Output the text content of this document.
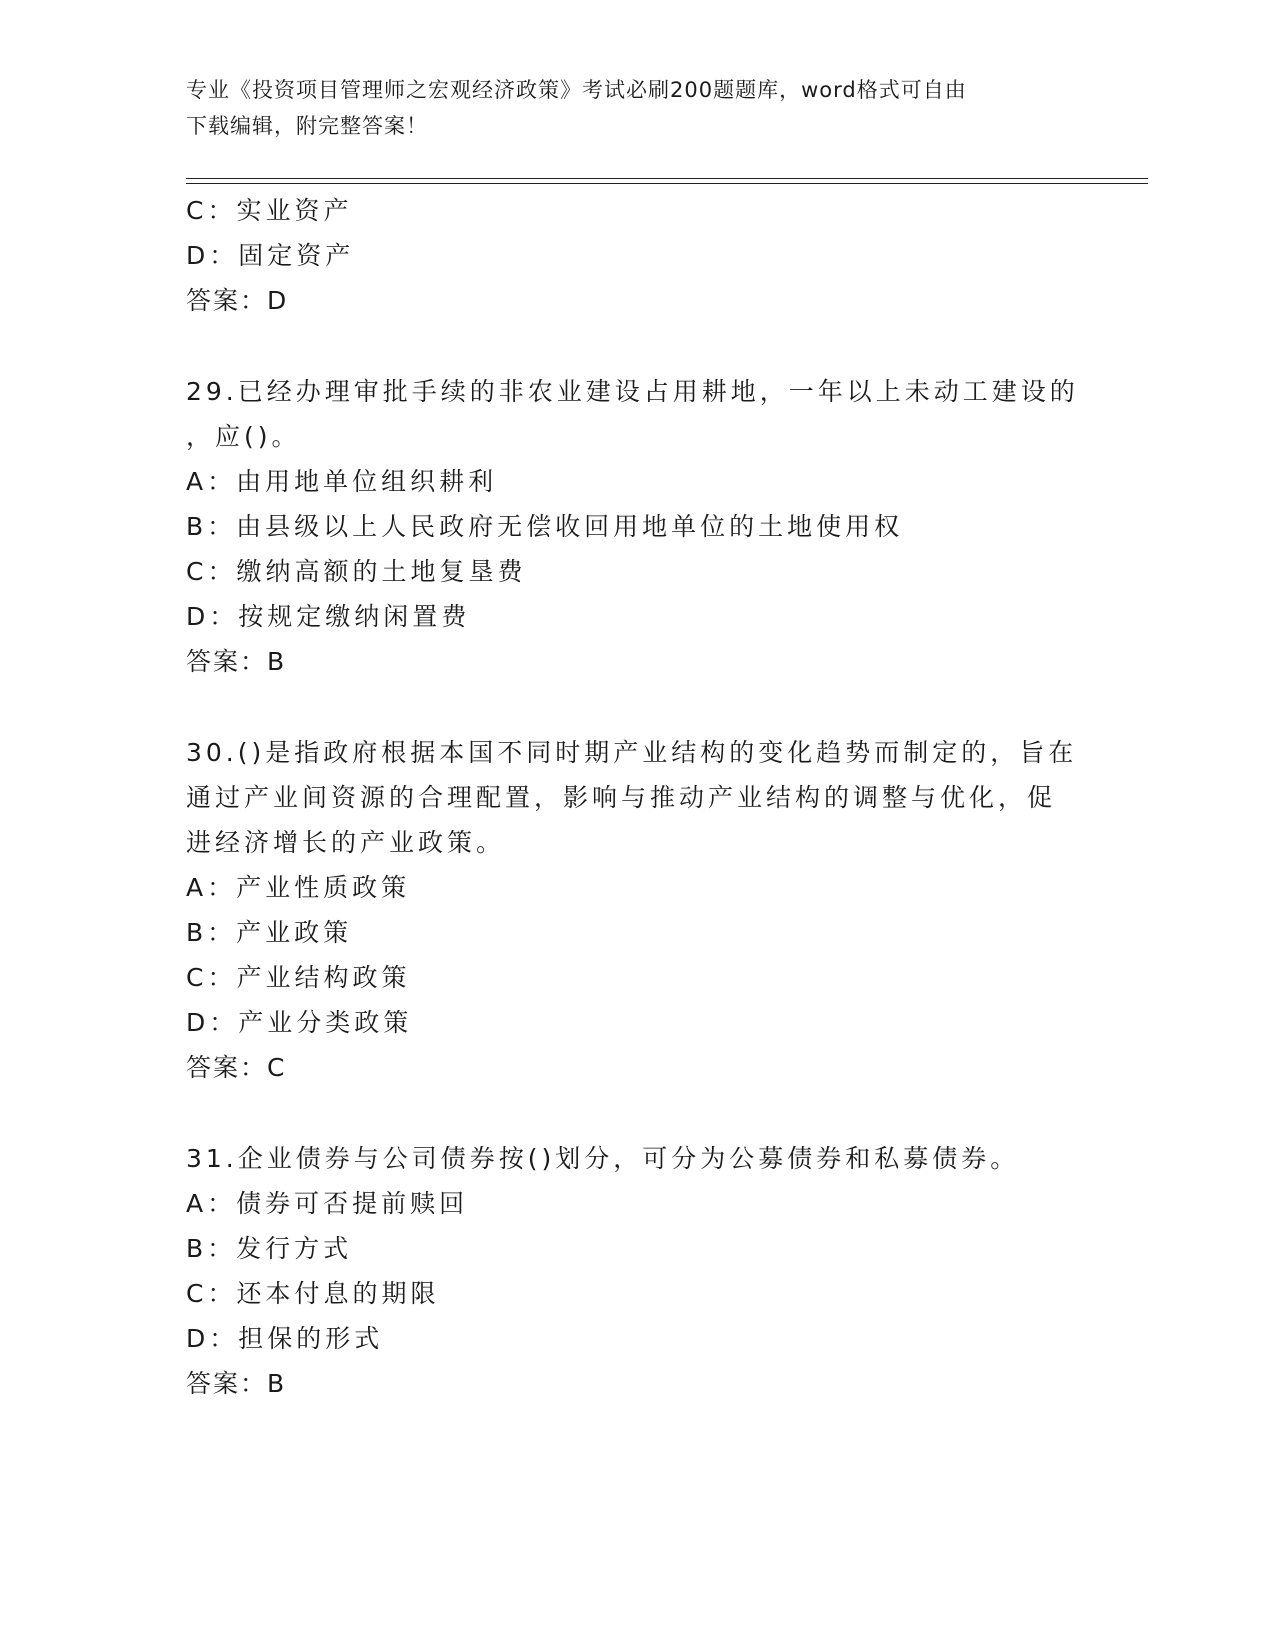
专业《投资项目管理师之宏观经济政策》考试必刷200题题库，word格式可自由
下载编辑，附完整答案！
C：实业资产
D：固定资产
答案：D
29.已经办理审批手续的非农业建设占用耕地，一年以上未动工建设的
，应()。
A：由用地单位组织耕利
B：由县级以上人民政府无偿收回用地单位的土地使用权
C：缴纳高额的土地复垦费
D：按规定缴纳闲置费
答案：B
30.()是指政府根据本国不同时期产业结构的变化趋势而制定的，旨在
通过产业间资源的合理配置，影响与推动产业结构的调整与优化，促
进经济增长的产业政策。
A：产业性质政策
B：产业政策
C：产业结构政策
D：产业分类政策
答案：C
31.企业债券与公司债券按()划分，可分为公募债券和私募债券。
A：债券可否提前赎回
B：发行方式
C：还本付息的期限
D：担保的形式
答案：B
